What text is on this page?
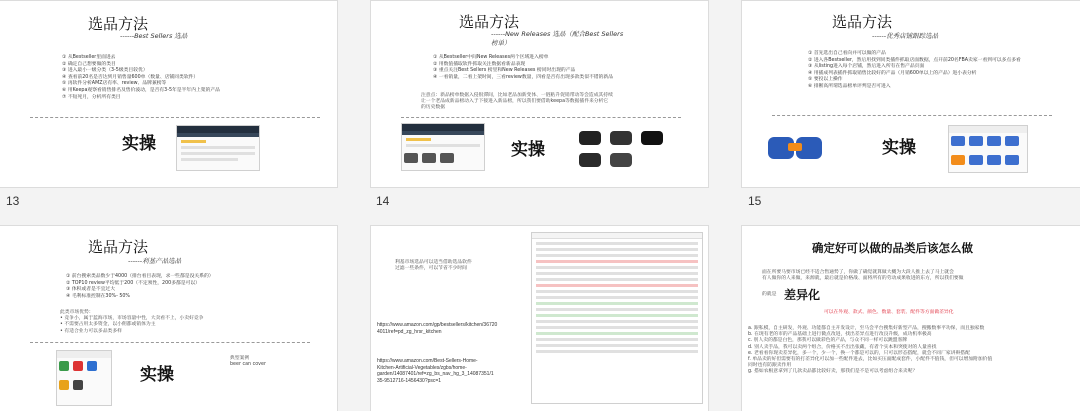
选品方法
------Best Sellers 选品
① 从Bestseller里面进去
② 确定自己想要做的类目
③ 进入最小一级分类（3-5级类目较优）
④ 查看前20名是否达到月销售量600单（数量、店铺同类软件）
⑤ 再软件分析AMZ店有率、review、品牌兼榜等
⑥ 用Keepa观察看销售排名及售价波动，是否有3-5年是半年内上架的产品
⑦ 不短死月，分析所有类目
实操
13
选品方法
------New Releases 选品（配合Best Sellers
榜单）
① 从Bestseller中间New Releases两个区域进入榜单
② 用数值插取软件抓取关注数据看新品表现
③ 重点关注Best Sellers 榜里和New Releases 榜同时出现的产品
④ 一看销量，二看上架时间，三看review数量，四看是否有出现多款类似不错的新品
注意点：新品榜单数据入侵很滞间，比如老品加新变体、一链粘升促销带动等会造成其持续
让一个老品成新品榜动入于下接进入新品榜，所以我们要借助keepa等数据插件来分析它
的历史数据
实操

14
选品方法
------优秀店铺跟踪选品
① 首先选出自己看向并可以做的产品
② 进入各Bestseller，然后用找到同类插件抓取店面数据，点开前20名FBA卖家一看到可以多点多看
③ 从listing进入每个店铺，然后进入所有在售产品页面
④ 用插成列表插件抓取销售比较好的产品（月销600单以上的产品）进小表分析
⑤ 要投以上操作
⑥ 排断高所谓选品榜单评判是否可进入
实操

15
选品方法
------利基产品选品
① 前台搜索类品数少于4000（排台看目表现，求一些都是没关系的）
② TOP10 review平均低于200（不定须性，200多都是可以）
③ 体积或者是不宜过大
④ 毛利标准控制在30%- 50%
此类市场优势：
• 竞争小，属于蓝海市场，市场容量中性，大卖看不上，小卖好竞争
• 不需要占用太多资金，以小佣都或销体为主
• 有适合业力可以多品类多样

实操
典型案例
beer can cover
利基市场选品可以适当借助选品软件
过滤一些条件，可以节省不少时间
https://www.amazon.com/gp/bestsellers/kitchen/36720
4011/ref=pd_zg_hrsr_kitchen
https://www.amazon.com/Best-Sellers-Home-
Kitchen-Artificial-Vegetables/zgbs/home-
garden/14087401/ref=zg_bs_nav_hg_3_14087351/1
35-9512716-1456430?psc=1
确定好可以做的品类后该怎么做
面在所要马要市场已经不适合售通势了，你做了确觉就算做大概为大段人推上去了马上就会
有人做你的人来做，来源就，最后就是价格战、面将所有的劳动成果收进的东方，所以我们要做
的就是 差异化
可以在外观、款式、颜色、数量、套装、配件等方面做差异化
a. 跟私模，自主研发，外观、功能都自主开发设计，至马会平台搜集好新型产品，搜搬数事平功保，而且独家数
b. 在现有老的市的产品基础上进行微点改进，找出差异点进行改良升级，成功机率极高
c. 别人卖的都是白色，那我可以做彩色的产品，与众不同一样可以跳盟客牌
d. 别人卖手品，我可以卖两个组合，价格买不出出张藏，有者个实本和突使对的人量喜找
e. 老看看你现卖差异化，多一个，少一个，换一个都是可以的，只可以形态搭配，就会不同厂家讲辩搭配
f. 单品卖的好但需要有的打差异化可以加一些配件进去，比如买压面配成套件，小配件不值钱，但可以增加附加价值
同时也有防跟卖作用
g. 搭如农根意拿到了几款卖品都比较好卖，那我们是不是可以考虑组合来卖呢？
